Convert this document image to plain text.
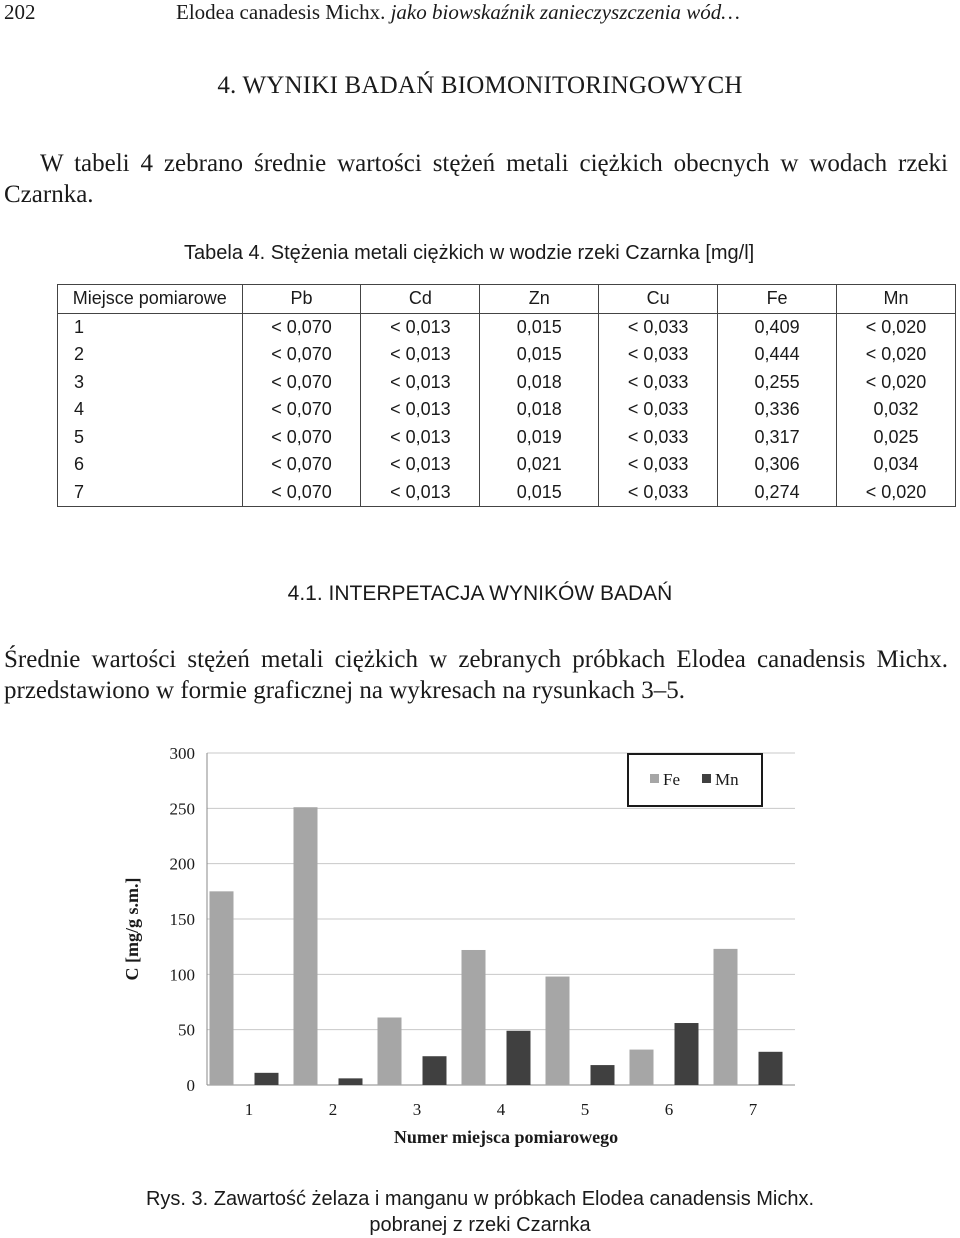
202	Elodea canadesis Michx. jako biowskaźnik zanieczyszczenia wód…
4. WYNIKI BADAŃ BIOMONITORINGOWYCH
W tabeli 4 zebrano średnie wartości stężeń metali ciężkich obecnych w wodach rzeki Czarnka.
Tabela 4. Stężenia metali ciężkich w wodzie rzeki Czarnka [mg/l]
Miejsce pomiarowe	Pb	Cd	Zn	Cu	Fe	Mn
1	< 0,070	< 0,013	0,015	< 0,033	0,409	< 0,020
2	< 0,070	< 0,013	0,015	< 0,033	0,444	< 0,020
3	< 0,070	< 0,013	0,018	< 0,033	0,255	< 0,020
4	< 0,070	< 0,013	0,018	< 0,033	0,336	0,032
5	< 0,070	< 0,013	0,019	< 0,033	0,317	0,025
6	< 0,070	< 0,013	0,021	< 0,033	0,306	0,034
7	< 0,070	< 0,013	0,015	< 0,033	0,274	< 0,020
4.1. INTERPETACJA WYNIKÓW BADAŃ
Średnie wartości stężeń metali ciężkich w zebranych próbkach Elodea canadensis Michx. przedstawiono w formie graficznej na wykresach na rysunkach 3–5.
0
50
100
150
200
250
300
1	2	3	4	5	6	7
Numer miejsca pomiarowego
C [mg/g s.m.]
Fe Mn
Rys. 3. Zawartość żelaza i manganu w próbkach Elodea canadensis Michx.
pobranej z rzeki Czarnka
